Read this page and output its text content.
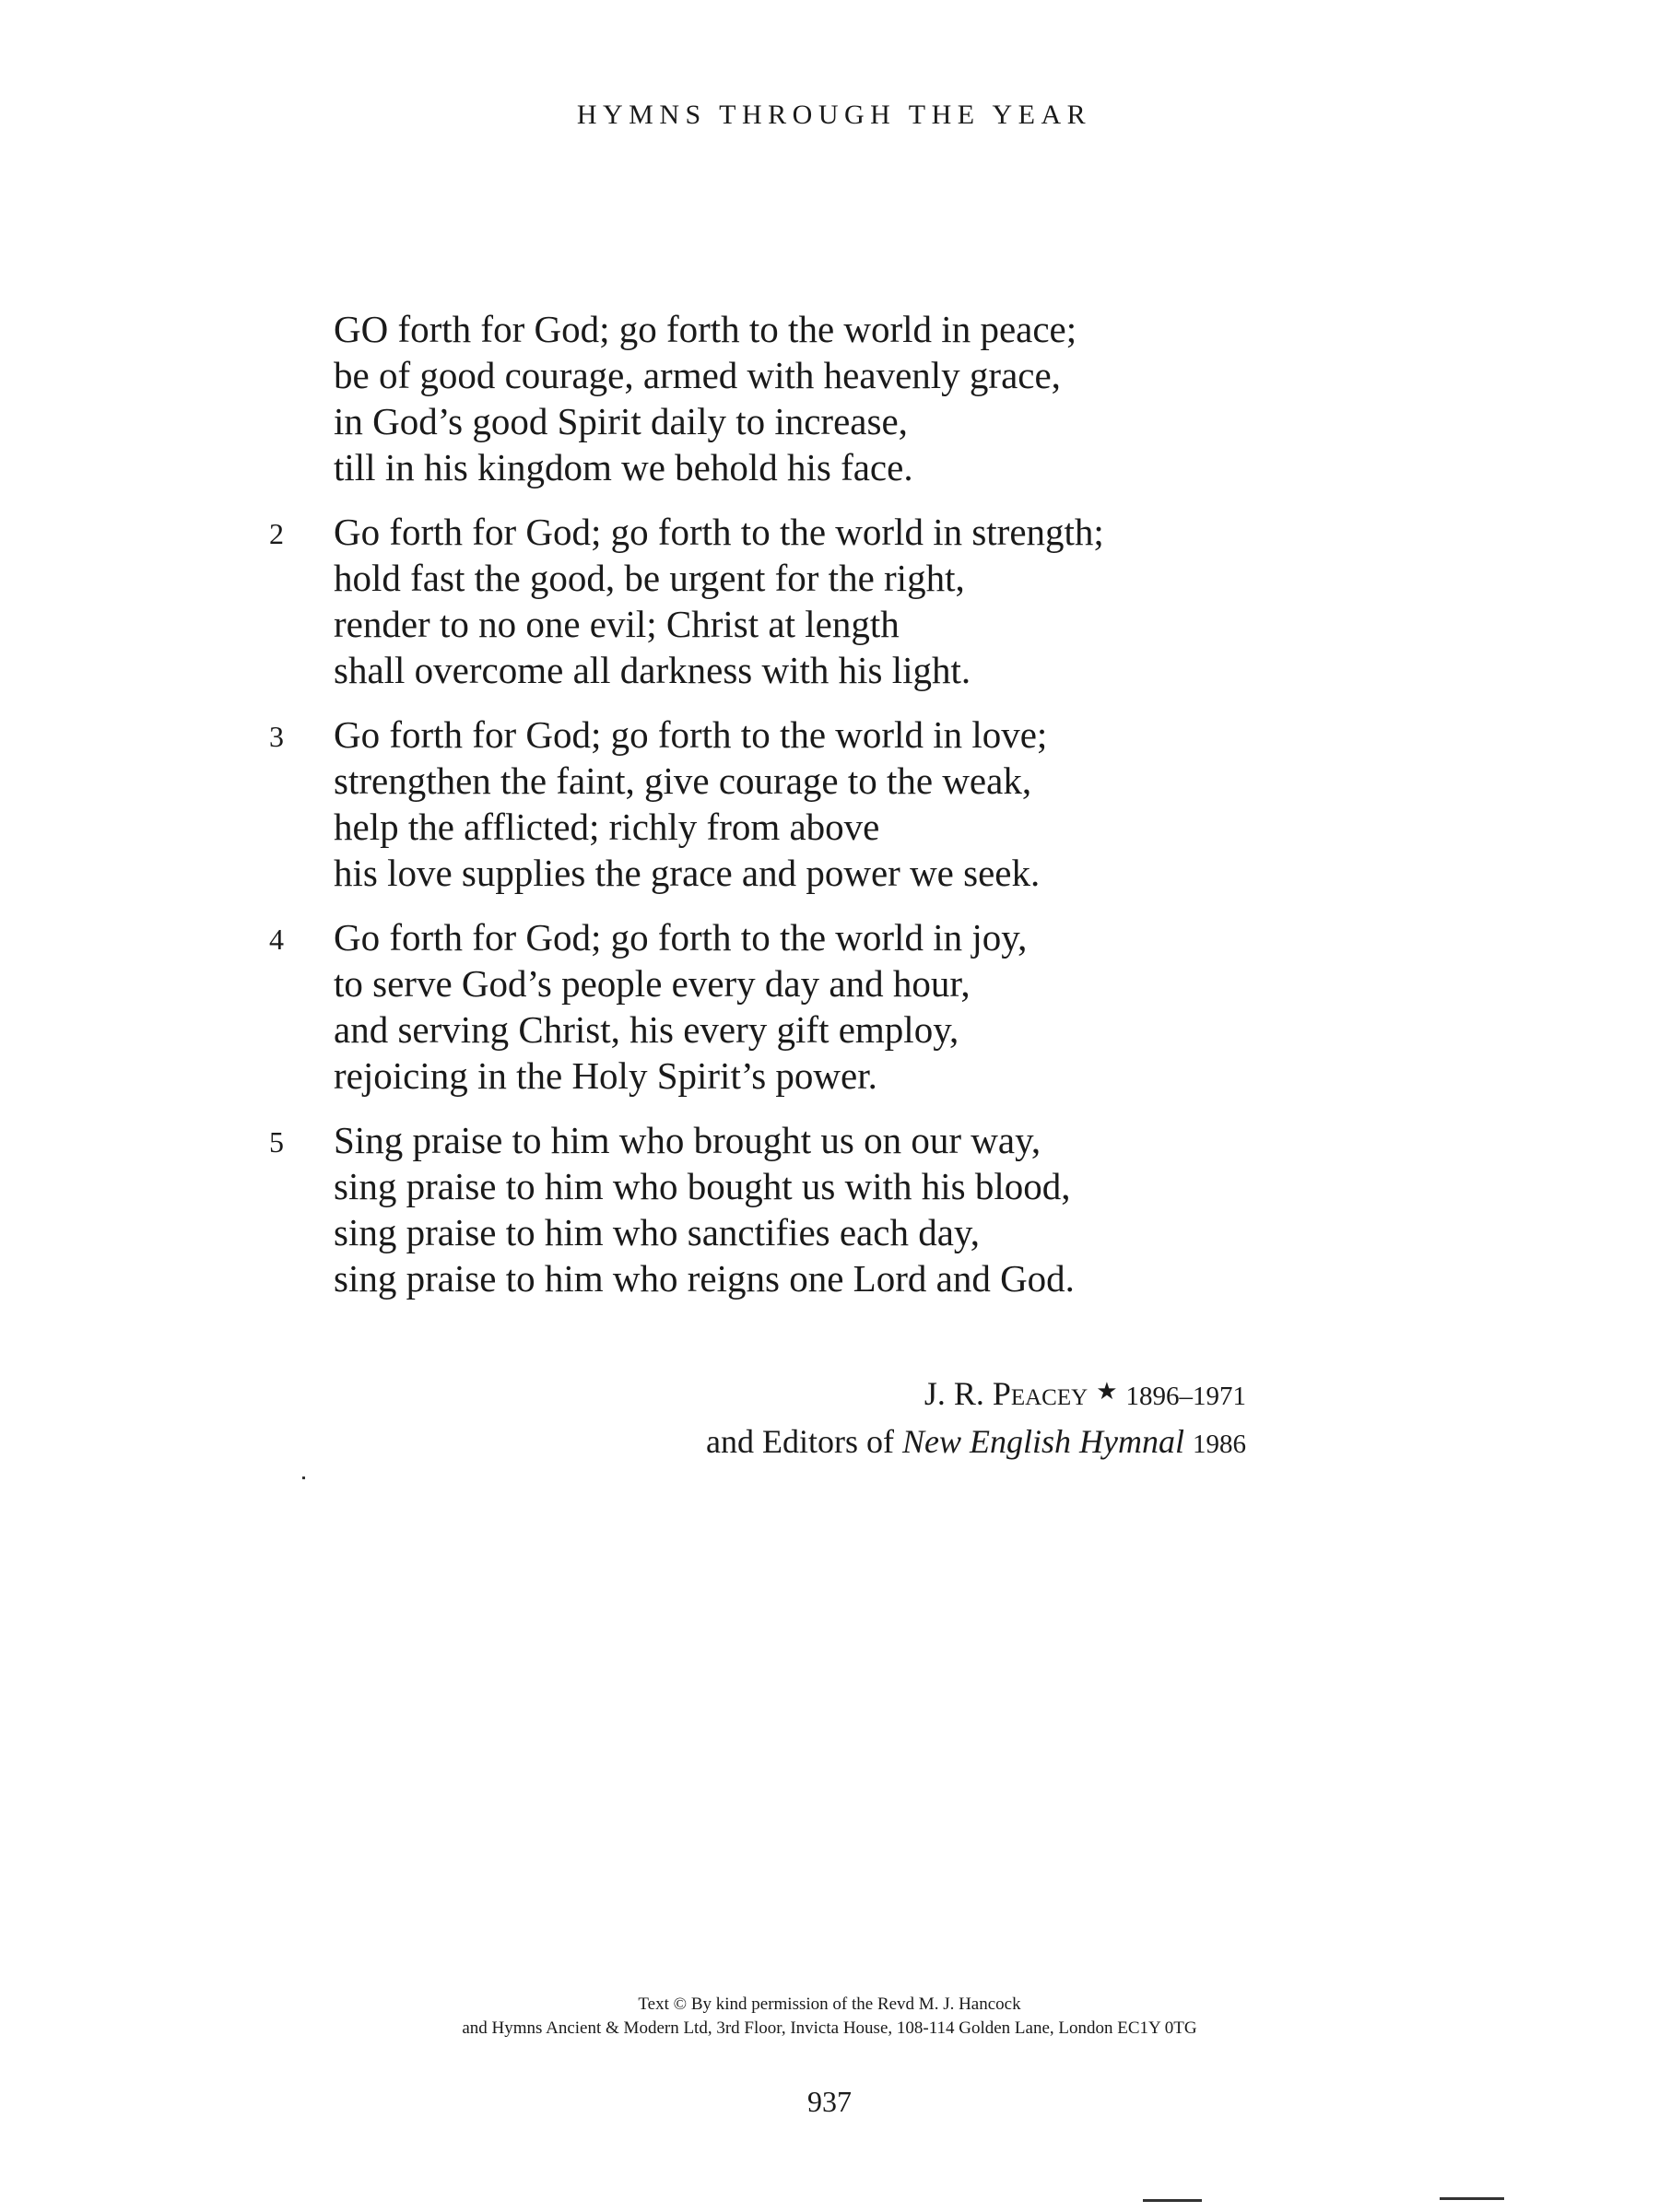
HYMNS THROUGH THE YEAR
GO forth for God; go forth to the world in peace;
be of good courage, armed with heavenly grace,
in God’s good Spirit daily to increase,
till in his kingdom we behold his face.
2 Go forth for God; go forth to the world in strength;
hold fast the good, be urgent for the right,
render to no one evil; Christ at length
shall overcome all darkness with his light.
3 Go forth for God; go forth to the world in love;
strengthen the faint, give courage to the weak,
help the afflicted; richly from above
his love supplies the grace and power we seek.
4 Go forth for God; go forth to the world in joy,
to serve God’s people every day and hour,
and serving Christ, his every gift employ,
rejoicing in the Holy Spirit’s power.
5 Sing praise to him who brought us on our way,
sing praise to him who bought us with his blood,
sing praise to him who sanctifies each day,
sing praise to him who reigns one Lord and God.
J. R. Peacey ★ 1896–1971
and Editors of New English Hymnal 1986
Text © By kind permission of the Revd M. J. Hancock
and Hymns Ancient & Modern Ltd, 3rd Floor, Invicta House, 108-114 Golden Lane, London EC1Y 0TG
937
